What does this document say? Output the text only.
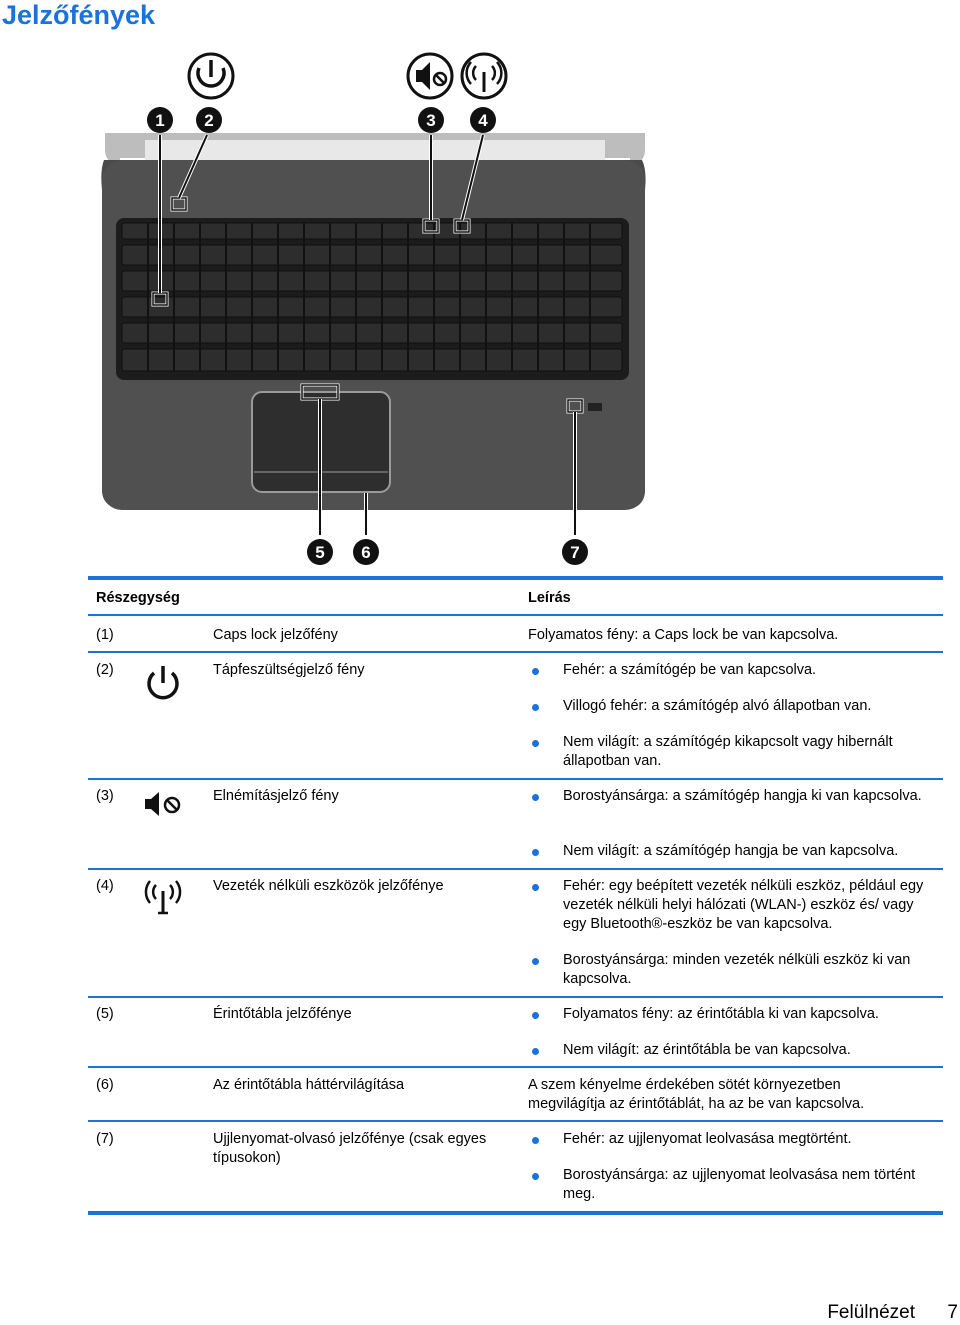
Jelzőfények
1 2	3	4
5 6	7
Részegység	Leírás
(1)	Caps lock jelzőfény	Folyamatos fény: a Caps lock be van kapcsolva.
(2)	Tápfeszültségjelző fény	Fehér: a számítógép be van kapcsolva.
Villogó fehér: a számítógép alvó állapotban van.
Nem világít: a számítógép kikapcsolt vagy hibernált állapotban van.
(3)	Elnémításjelző fény	Borostyánsárga: a számítógép hangja ki van kapcsolva.
Nem világít: a számítógép hangja be van kapcsolva.
(4)	Vezeték nélküli eszközök jelzőfénye	Fehér: egy beépített vezeték nélküli eszköz, például egy vezeték nélküli helyi hálózati (WLAN-) eszköz és/ vagy egy Bluetooth®-eszköz be van kapcsolva.
Borostyánsárga: minden vezeték nélküli eszköz ki van kapcsolva.
(5)	Érintőtábla jelzőfénye	Folyamatos fény: az érintőtábla ki van kapcsolva.
Nem világít: az érintőtábla be van kapcsolva.
(6)	Az érintőtábla háttérvilágítása	A szem kényelme érdekében sötét környezetben megvilágítja az érintőtáblát, ha az be van kapcsolva.
(7)	Ujjlenyomat-olvasó jelzőfénye (csak egyes típusokon)
Fehér: az ujjlenyomat leolvasása megtörtént.
Borostyánsárga: az ujjlenyomat leolvasása nem történt meg.
Felülnézet 7
